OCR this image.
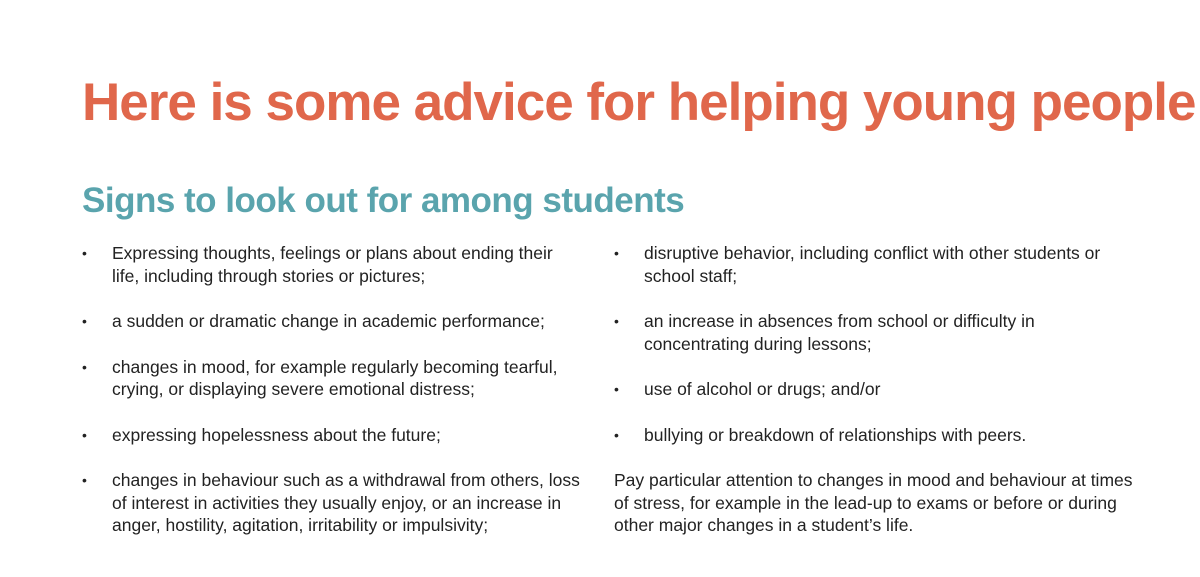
Here is some advice for helping young people
Signs to look out for among students
• Expressing thoughts, feelings or plans about ending their life, including through stories or pictures;
• a sudden or dramatic change in academic performance;
• changes in mood, for example regularly becoming tearful, crying, or displaying severe emotional distress;
• expressing hopelessness about the future;
• changes in behaviour such as a withdrawal from others, loss of interest in activities they usually enjoy, or an increase in anger, hostility, agitation, irritability or impulsivity;
• disruptive behavior, including conflict with other students or school staff;
• an increase in absences from school or difficulty in concentrating during lessons;
• use of alcohol or drugs; and/or
• bullying or breakdown of relationships with peers.

Pay particular attention to changes in mood and behaviour at times of stress, for example in the lead-up to exams or before or during other major changes in a student’s life.
